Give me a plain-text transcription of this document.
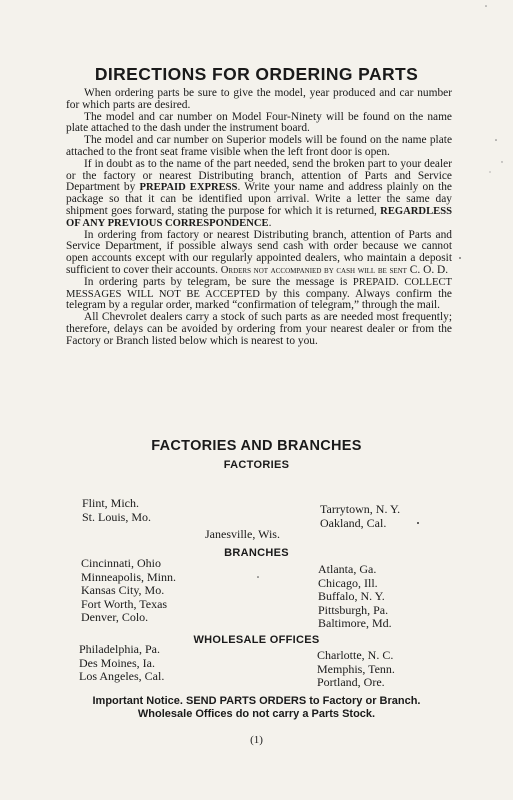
DIRECTIONS FOR ORDERING PARTS

When ordering parts be sure to give the model, year produced and car number for which parts are desired.

The model and car number on Model Four-Ninety will be found on the name plate attached to the dash under the instrument board.

The model and car number on Superior models will be found on the name plate attached to the front seat frame visible when the left front door is open.

If in doubt as to the name of the part needed, send the broken part to your dealer or the factory or nearest Distributing branch, attention of Parts and Service Department by PREPAID EXPRESS. Write your name and address plainly on the package so that it can be identified upon arrival. Write a letter the same day shipment goes forward, stating the purpose for which it is returned, REGARDLESS OF ANY PREVIOUS CORRESPONDENCE.

In ordering from factory or nearest Distributing branch, attention of Parts and Service Department, if possible always send cash with order because we cannot open accounts except with our regularly appointed dealers, who maintain a deposit sufficient to cover their accounts. Orders not accompanied by cash will be sent C. O. D.

In ordering parts by telegram, be sure the message is PREPAID. COLLECT MESSAGES WILL NOT BE ACCEPTED by this company. Always confirm the telegram by a regular order, marked “confirmation of telegram,” through the mail.

All Chevrolet dealers carry a stock of such parts as are needed most frequently; therefore, delays can be avoided by ordering from your nearest dealer or from the Factory or Branch listed below which is nearest to you.

FACTORIES AND BRANCHES
FACTORIES
Flint, Mich.
St. Louis, Mo.
Tarrytown, N. Y.
Oakland, Cal.
Janesville, Wis.
BRANCHES
Cincinnati, Ohio
Minneapolis, Minn.
Kansas City, Mo.
Fort Worth, Texas
Denver, Colo.
Atlanta, Ga.
Chicago, Ill.
Buffalo, N. Y.
Pittsburgh, Pa.
Baltimore, Md.
WHOLESALE OFFICES
Philadelphia, Pa.
Des Moines, Ia.
Los Angeles, Cal.
Charlotte, N. C.
Memphis, Tenn.
Portland, Ore.
Important Notice. SEND PARTS ORDERS to Factory or Branch.
Wholesale Offices do not carry a Parts Stock.
(1)
